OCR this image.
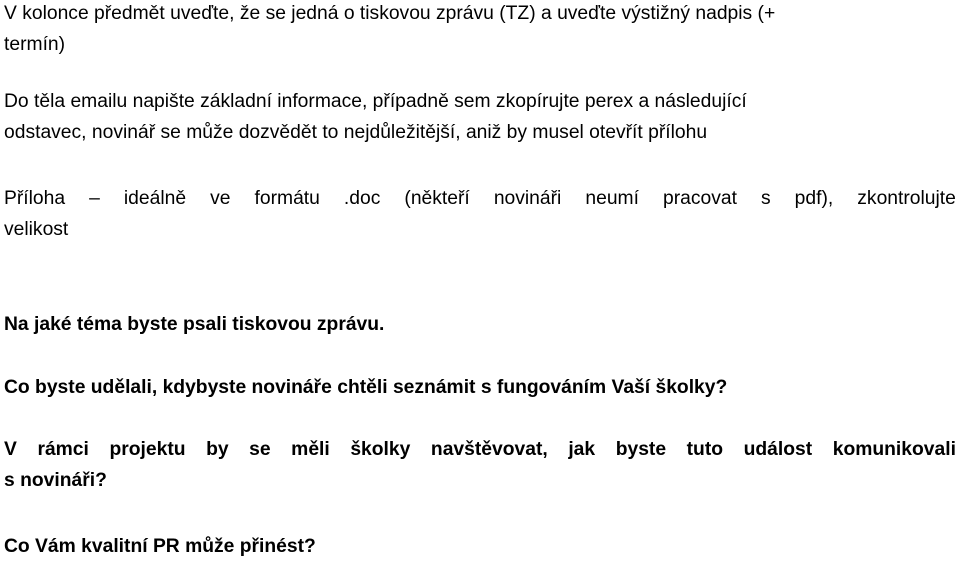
V kolonce předmět uveďte, že se jedná o tiskovou zprávu (TZ) a uveďte výstižný nadpis (+
termín)
Do těla emailu napište základní informace, případně sem zkopírujte perex a následující
odstavec, novinář se může dozvědět to nejdůležitější, aniž by musel otevřít přílohu
Příloha – ideálně ve formátu .doc (někteří novináři neumí pracovat s pdf), zkontrolujte
velikost
Na jaké téma byste psali tiskovou zprávu.
Co byste udělali, kdybyste novináře chtěli seznámit s fungováním Vaší školky?
V rámci projektu by se měli školky navštěvovat, jak byste tuto událost komunikovali
s novináři?
Co Vám kvalitní PR může přinést?
